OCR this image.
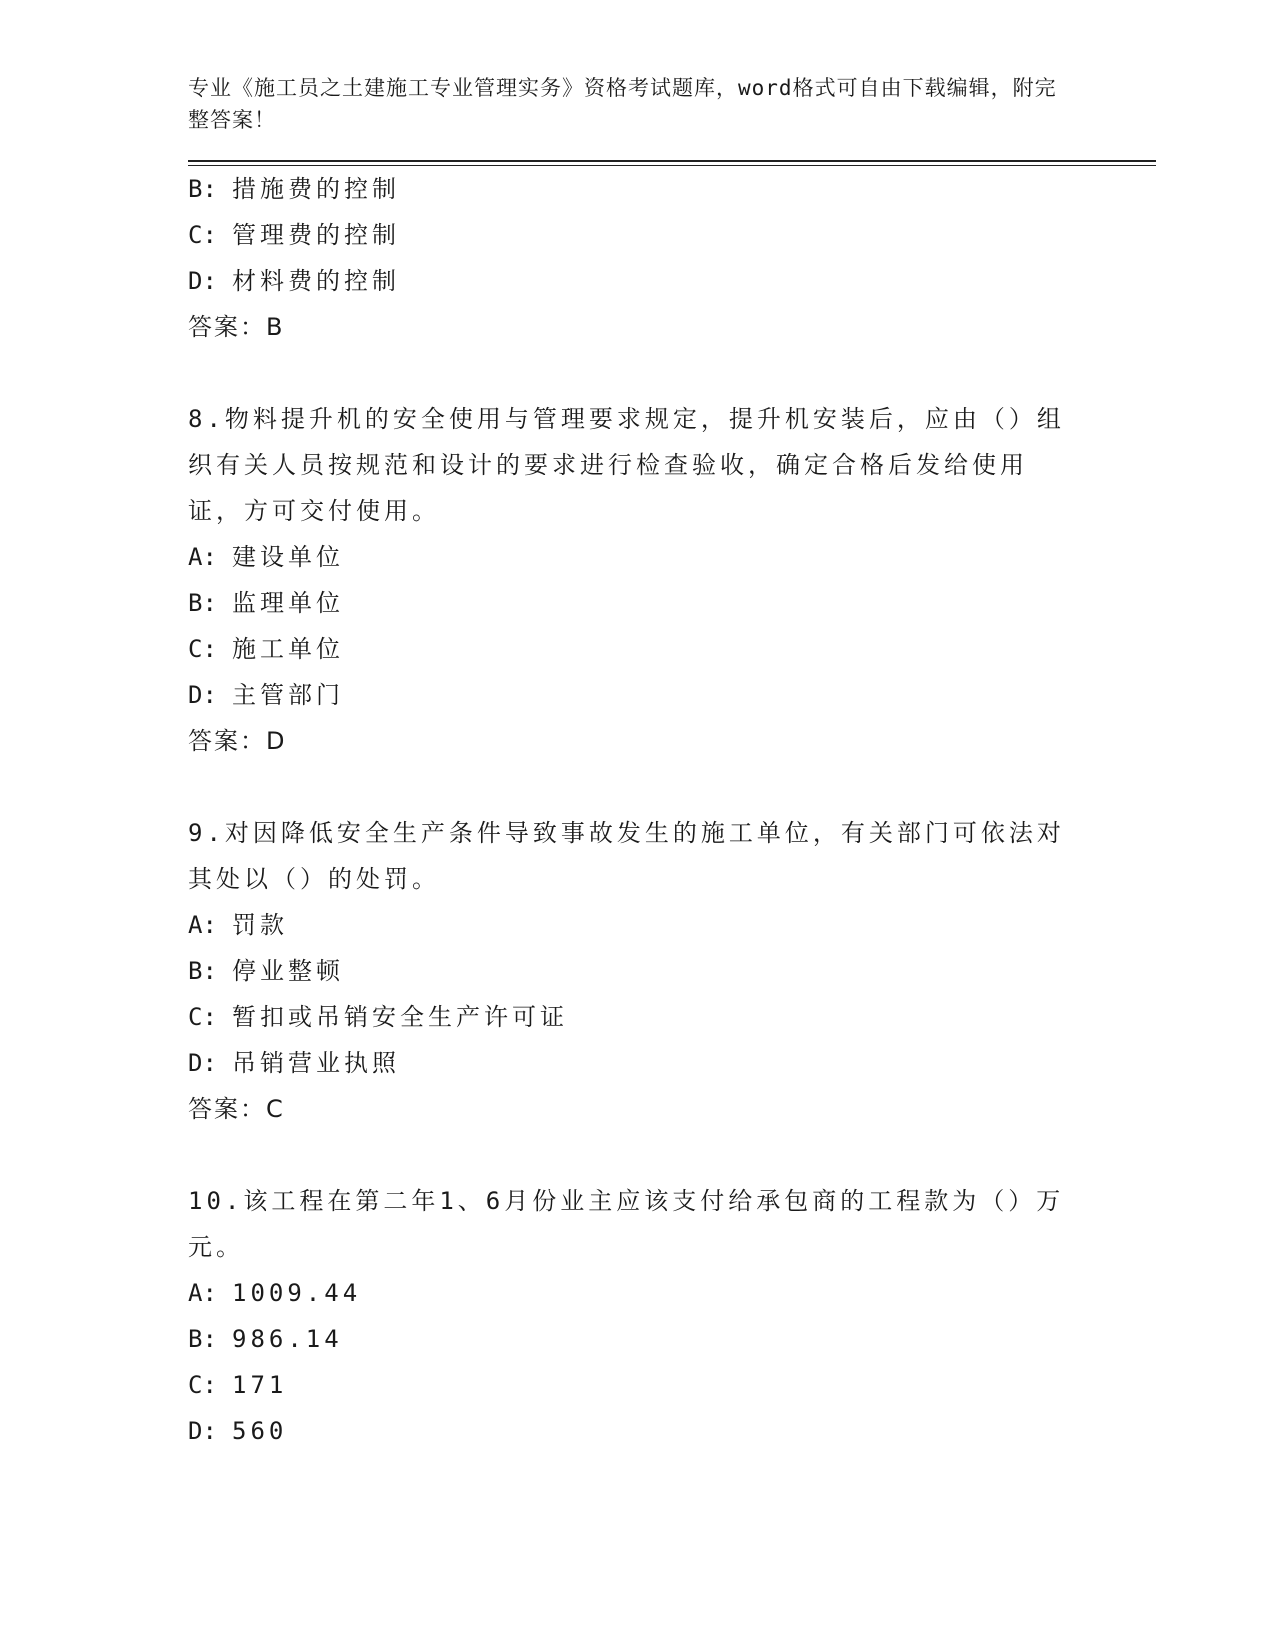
专业《施工员之土建施工专业管理实务》资格考试题库，word格式可自由下载编辑，附完整答案！
B: 措施费的控制
C: 管理费的控制
D: 材料费的控制
答案：B
8.物料提升机的安全使用与管理要求规定，提升机安装后，应由（）组织有关人员按规范和设计的要求进行检查验收，确定合格后发给使用证，方可交付使用。
A: 建设单位
B: 监理单位
C: 施工单位
D: 主管部门
答案：D
9.对因降低安全生产条件导致事故发生的施工单位，有关部门可依法对其处以（）的处罚。
A: 罚款
B: 停业整顿
C: 暂扣或吊销安全生产许可证
D: 吊销营业执照
答案：C
10.该工程在第二年1、6月份业主应该支付给承包商的工程款为（）万元。
A: 1009.44
B: 986.14
C: 171
D: 560
